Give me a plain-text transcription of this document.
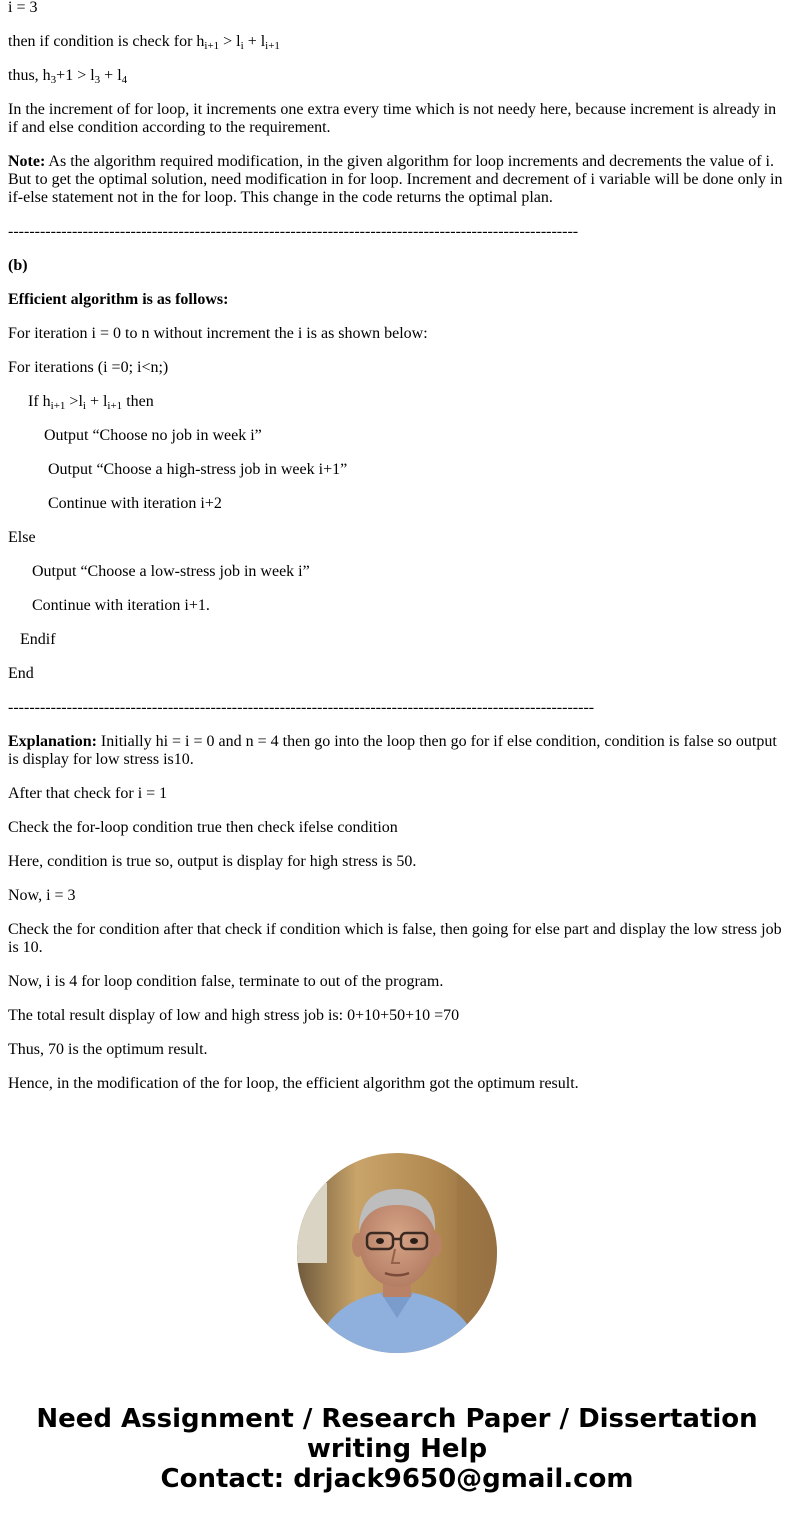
i = 3

then if condition is check for $h_{i+1} > l_i + l_{i+1}$

thus, $h_3+1 > l_3 + l_4$

In the increment of for loop, it increments one extra every time which is not needy here, because increment is already in if and else condition according to the requirement.

Note: As the algorithm required modification, in the given algorithm for loop increments and decrements the value of i. But to get the optimal solution, need modification in for loop. Increment and decrement of i variable will be done only in if-else statement not in the for loop. This change in the code returns the optimal plan.

-----------------------------------------------------------------------------------------------------------

(b)

Efficient algorithm is as follows:

For iteration i = 0 to n without increment the i is as shown below:

For iterations (i =0; i<n;)

If $h_{i+1} >l_i + l_{i+1}$ then

Output “Choose no job in week i”

Output “Choose a high-stress job in week i+1”

Continue with iteration i+2

Else

Output “Choose a low-stress job in week i”

Continue with iteration i+1.

Endif

End

--------------------------------------------------------------------------------------------------------------

Explanation: Initially hi = i = 0 and n = 4 then go into the loop then go for if else condition, condition is false so output is display for low stress is10.

After that check for i = 1

Check the for-loop condition true then check ifelse condition

Here, condition is true so, output is display for high stress is 50.

Now, i = 3

Check the for condition after that check if condition which is false, then going for else part and display the low stress job is 10.

Now, i is 4 for loop condition false, terminate to out of the program.

The total result display of low and high stress job is: 0+10+50+10 =70

Thus, 70 is the optimum result.

Hence, in the modification of the for loop, the efficient algorithm got the optimum result.

Need Assignment / Research Paper / Dissertation

writing Help

Contact: drjack9650@gmail.com
